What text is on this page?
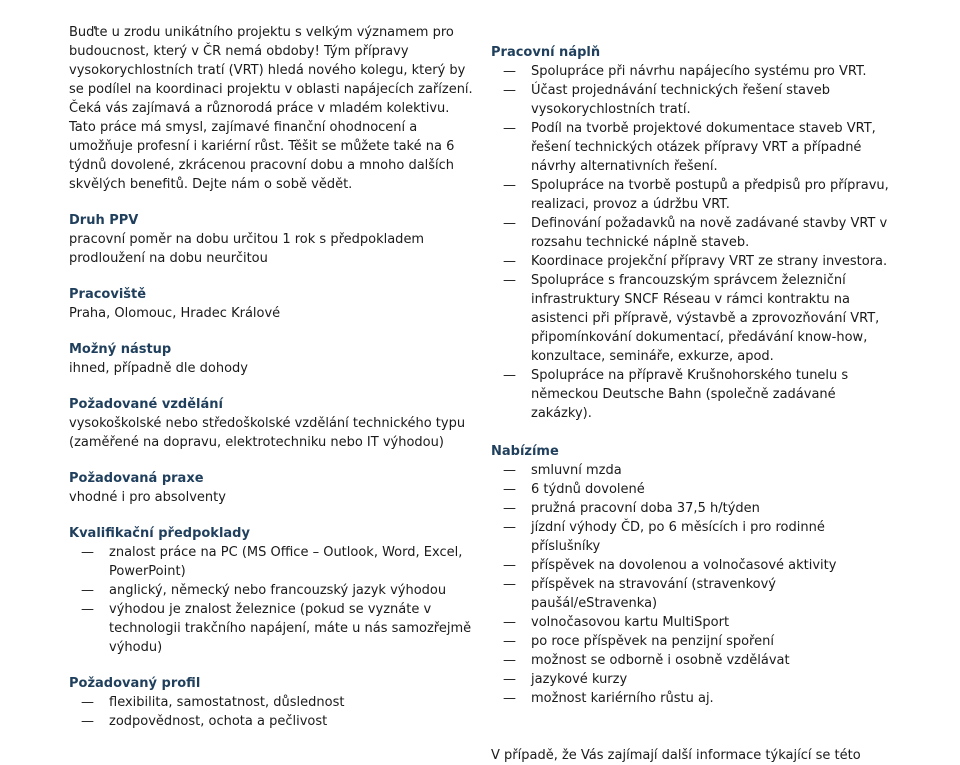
Buďte u zrodu unikátního projektu s velkým významem pro budoucnost, který v ČR nemá obdoby! Tým přípravy vysokorychlostních tratí (VRT) hledá nového kolegu, který by se podílel na koordinaci projektu v oblasti napájecích zařízení. Čeká vás zajímavá a různorodá práce v mladém kolektivu. Tato práce má smysl, zajímavé finanční ohodnocení a umožňuje profesní i kariérní růst. Těšit se můžete také na 6 týdnů dovolené, zkrácenou pracovní dobu a mnoho dalších skvělých benefitů. Dejte nám o sobě vědět.

Druh PPV
pracovní poměr na dobu určitou 1 rok s předpokladem prodloužení na dobu neurčitou
Pracoviště
Praha, Olomouc, Hradec Králové
Možný nástup
ihned, případně dle dohody
Požadované vzdělání
vysokoškolské nebo středoškolské vzdělání technického typu (zaměřené na dopravu, elektrotechniku nebo IT výhodou)
Požadovaná praxe
vhodné i pro absolventy
Kvalifikační předpoklady
— znalost práce na PC (MS Office – Outlook, Word, Excel, PowerPoint)
— anglický, německý nebo francouzský jazyk výhodou
— výhodou je znalost železnice (pokud se vyznáte v technologii trakčního napájení, máte u nás samozřejmě výhodu)
Požadovaný profil
— flexibilita, samostatnost, důslednost
— zodpovědnost, ochota a pečlivost
Pracovní náplň
— Spolupráce při návrhu napájecího systému pro VRT.
— Účast projednávání technických řešení staveb vysokorychlostních tratí.
— Podíl na tvorbě projektové dokumentace staveb VRT, řešení technických otázek přípravy VRT a případné návrhy alternativních řešení.
— Spolupráce na tvorbě postupů a předpisů pro přípravu, realizaci, provoz a údržbu VRT.
— Definování požadavků na nově zadávané stavby VRT v rozsahu technické náplně staveb.
— Koordinace projekční přípravy VRT ze strany investora.
— Spolupráce s francouzským správcem železniční infrastruktury SNCF Réseau v rámci kontraktu na asistenci při přípravě, výstavbě a zprovozňování VRT, připomínkování dokumentací, předávání know-how, konzultace, semináře, exkurze, apod.
— Spolupráce na přípravě Krušnohorského tunelu s německou Deutsche Bahn (společně zadávané zakázky).
Nabízíme
— smluvní mzda
— 6 týdnů dovolené
— pružná pracovní doba 37,5 h/týden
— jízdní výhody ČD, po 6 měsících i pro rodinné příslušníky
— příspěvek na dovolenou a volnočasové aktivity
— příspěvek na stravování (stravenkový paušál/eStravenka)
— volnočasovou kartu MultiSport
— po roce příspěvek na penzijní spoření
— možnost se odborně i osobně vzdělávat
— jazykové kurzy
— možnost kariérního růstu aj.
V případě, že Vás zajímají další informace týkající se této
